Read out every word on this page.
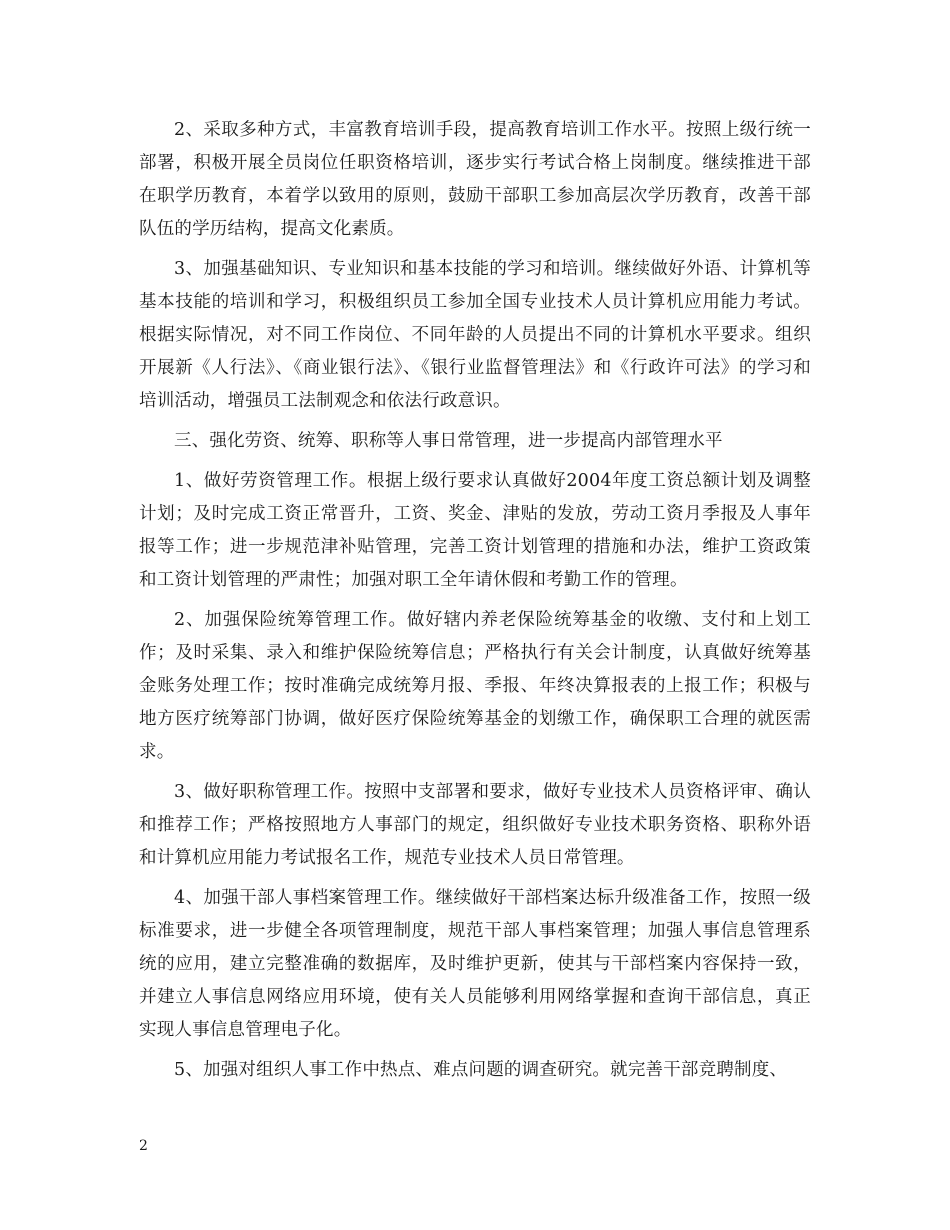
2、采取多种方式，丰富教育培训手段，提高教育培训工作水平。按照上级行统一部署，积极开展全员岗位任职资格培训，逐步实行考试合格上岗制度。继续推进干部在职学历教育，本着学以致用的原则，鼓励干部职工参加高层次学历教育，改善干部队伍的学历结构，提高文化素质。

3、加强基础知识、专业知识和基本技能的学习和培训。继续做好外语、计算机等基本技能的培训和学习，积极组织员工参加全国专业技术人员计算机应用能力考试。根据实际情况，对不同工作岗位、不同年龄的人员提出不同的计算机水平要求。组织开展新《人行法》、《商业银行法》、《银行业监督管理法》和《行政许可法》的学习和培训活动，增强员工法制观念和依法行政意识。

三、强化劳资、统筹、职称等人事日常管理，进一步提高内部管理水平

1、做好劳资管理工作。根据上级行要求认真做好2004年度工资总额计划及调整计划；及时完成工资正常晋升，工资、奖金、津贴的发放，劳动工资月季报及人事年报等工作；进一步规范津补贴管理，完善工资计划管理的措施和办法，维护工资政策和工资计划管理的严肃性；加强对职工全年请休假和考勤工作的管理。

2、加强保险统筹管理工作。做好辖内养老保险统筹基金的收缴、支付和上划工作；及时采集、录入和维护保险统筹信息；严格执行有关会计制度，认真做好统筹基金账务处理工作；按时准确完成统筹月报、季报、年终决算报表的上报工作；积极与地方医疗统筹部门协调，做好医疗保险统筹基金的划缴工作，确保职工合理的就医需求。

3、做好职称管理工作。按照中支部署和要求，做好专业技术人员资格评审、确认和推荐工作；严格按照地方人事部门的规定，组织做好专业技术职务资格、职称外语和计算机应用能力考试报名工作，规范专业技术人员日常管理。

4、加强干部人事档案管理工作。继续做好干部档案达标升级准备工作，按照一级标准要求，进一步健全各项管理制度，规范干部人事档案管理；加强人事信息管理系统的应用，建立完整准确的数据库，及时维护更新，使其与干部档案内容保持一致，并建立人事信息网络应用环境，使有关人员能够利用网络掌握和查询干部信息，真正实现人事信息管理电子化。

5、加强对组织人事工作中热点、难点问题的调查研究。就完善干部竞聘制度、

2
